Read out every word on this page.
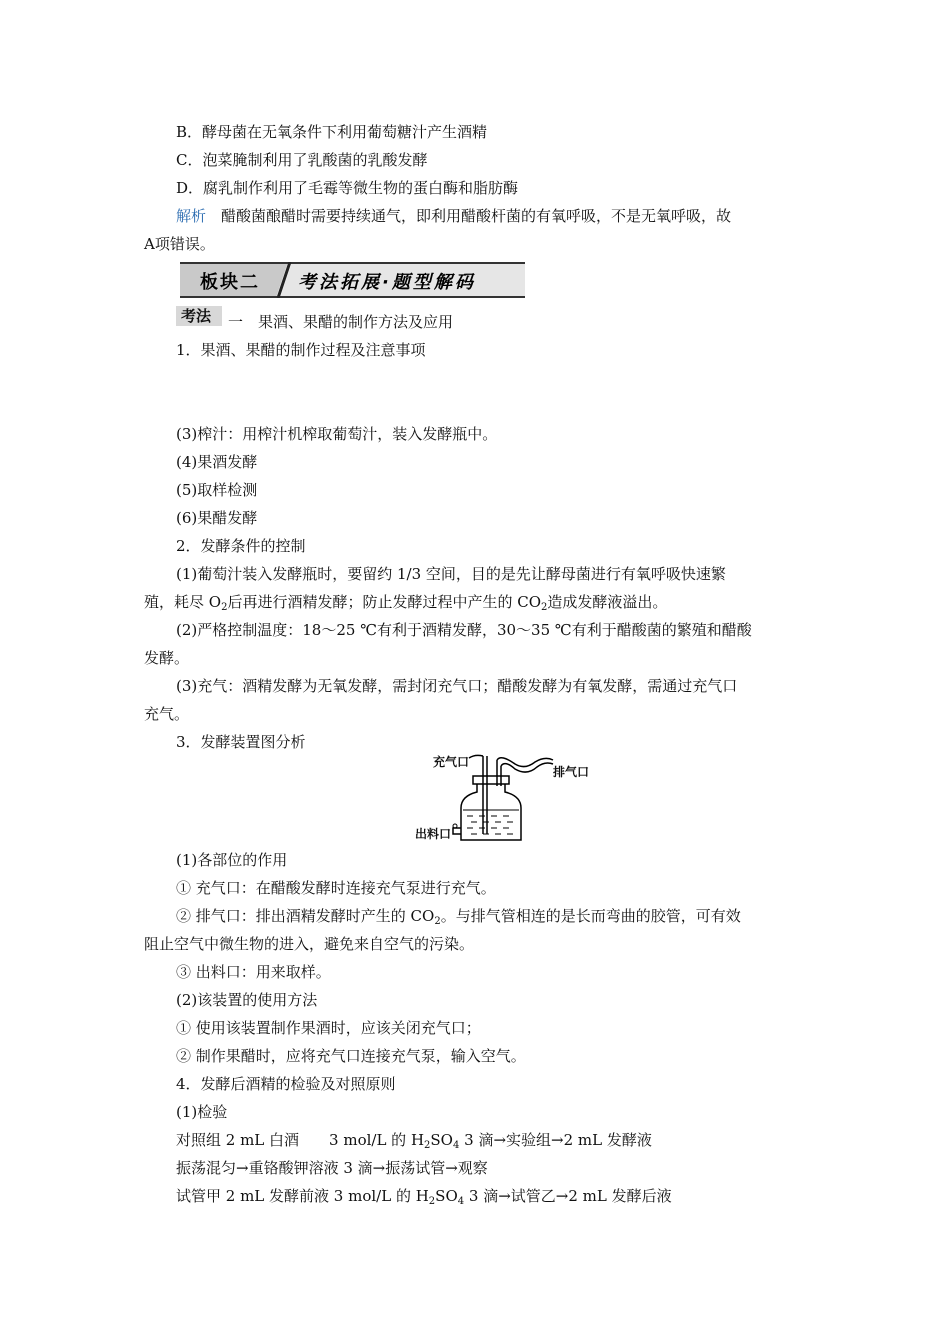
B．酵母菌在无氧条件下利用葡萄糖汁产生酒精
C．泡菜腌制利用了乳酸菌的乳酸发酵
D．腐乳制作利用了毛霉等微生物的蛋白酶和脂肪酶
解析　醋酸菌酿醋时需要持续通气，即利用醋酸杆菌的有氧呼吸，不是无氧呼吸，故
A项错误。
板块二 考法拓展·题型解码
考法 一　 果酒、果醋的制作方法及应用
1．果酒、果醋的制作过程及注意事项
(3)榨汁：用榨汁机榨取葡萄汁，装入发酵瓶中。
(4)果酒发酵
(5)取样检测
(6)果醋发酵
2．发酵条件的控制
(1)葡萄汁装入发酵瓶时，要留约 1/3 空间，目的是先让酵母菌进行有氧呼吸快速繁
殖，耗尽 $O_2$后再进行酒精发酵；防止发酵过程中产生的 $CO_2$造成发酵液溢出。
(2)严格控制温度：18～25 ℃有利于酒精发酵，30～35 ℃有利于醋酸菌的繁殖和醋酸
发酵。
(3)充气：酒精发酵为无氧发酵，需封闭充气口；醋酸发酵为有氧发酵，需通过充气口
充气。
3．发酵装置图分析
充气口
排气口
出料口
(1)各部位的作用
① 充气口：在醋酸发酵时连接充气泵进行充气。
② 排气口：排出酒精发酵时产生的 $CO_2$。与排气管相连的是长而弯曲的胶管，可有效
阻止空气中微生物的进入，避免来自空气的污染。
③ 出料口：用来取样。
(2)该装置的使用方法
① 使用该装置制作果酒时，应该关闭充气口；
② 制作果醋时，应将充气口连接充气泵，输入空气。
4．发酵后酒精的检验及对照原则
(1)检验
对照组 2 mL 白酒　　3 mol/L 的 $H_2SO_4$ 3 滴→实验组→2 mL 发酵液
振荡混匀→重铬酸钾溶液 3 滴→振荡试管→观察
试管甲 2 mL 发酵前液 3 mol/L 的 $H_2SO_4$ 3 滴→试管乙→2 mL 发酵后液
